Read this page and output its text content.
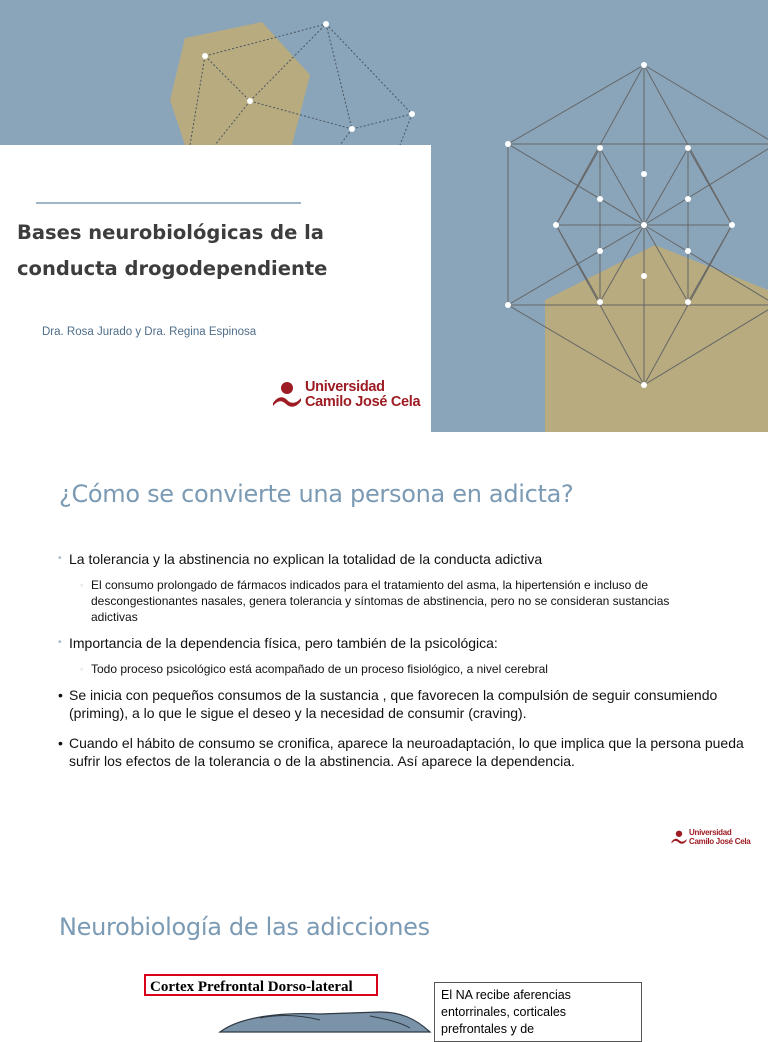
Bases neurobiológicas de la
conducta drogodependiente
Dra. Rosa Jurado y Dra. Regina Espinosa
Universidad
Camilo José Cela
¿Cómo se convierte una persona en adicta?
• La tolerancia y la abstinencia no explican la totalidad de la conducta adictiva
◦ El consumo prolongado de fármacos indicados para el tratamiento del asma, la hipertensión e incluso de descongestionantes nasales, genera tolerancia y síntomas de abstinencia, pero no se consideran sustancias adictivas
• Importancia de la dependencia física, pero también de la psicológica:
◦ Todo proceso psicológico está acompañado de un proceso fisiológico, a nivel cerebral
• Se inicia con pequeños consumos de la sustancia , que favorecen la compulsión de seguir consumiendo (priming), a lo que le sigue el deseo y la necesidad de consumir (craving).
• Cuando el hábito de consumo se cronifica, aparece la neuroadaptación, lo que implica que la persona pueda sufrir los efectos de la tolerancia o de la abstinencia. Así aparece la dependencia.
Universidad
Camilo José Cela
Neurobiología de las adicciones
Cortex Prefrontal Dorso-lateral	El NA recibe aferencias
entorrinales, corticales
prefrontales y de
